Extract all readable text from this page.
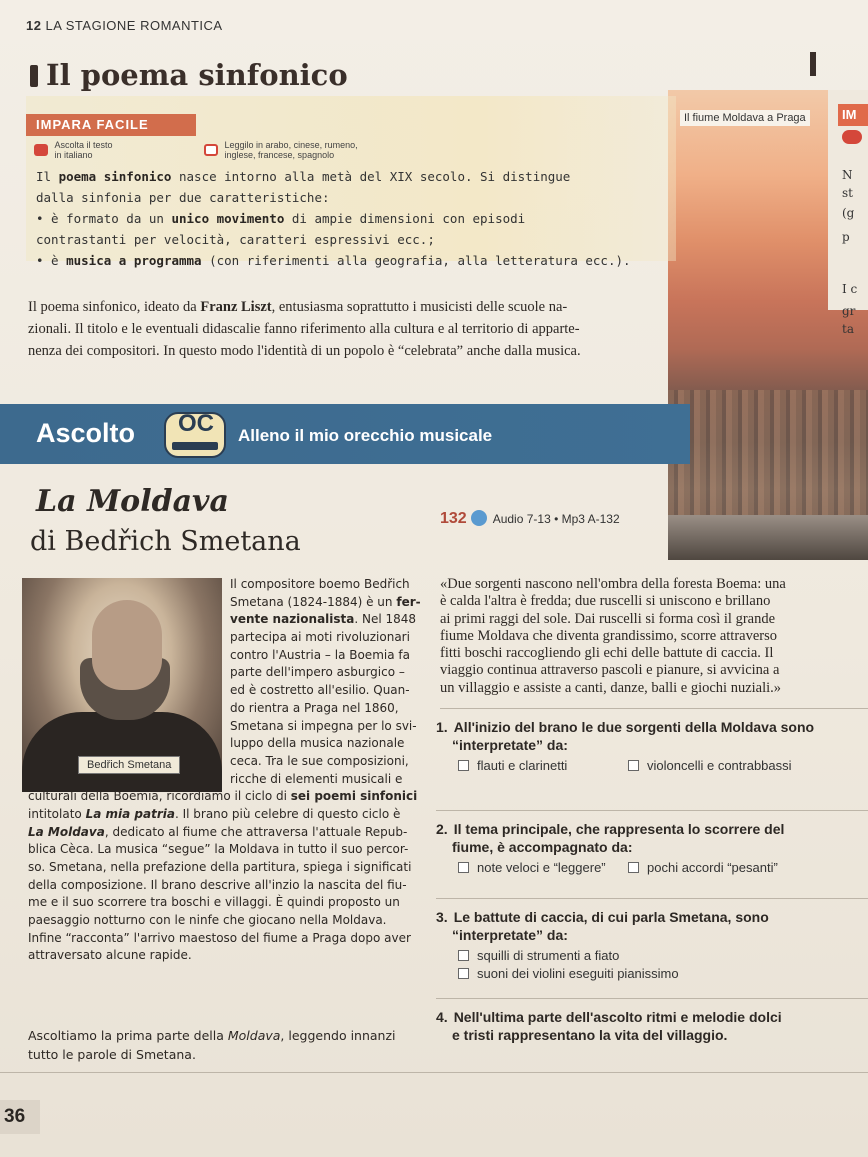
12 LA STAGIONE ROMANTICA
Il poema sinfonico
Il fiume Moldava a Praga	IM
IMPARA FACILE
Ascolta il testo
in italiano
Leggilo in arabo, cinese, rumeno,
inglese, francese, spagnolo
Il poema sinfonico nasce intorno alla metà del XIX secolo. Si distingue
dalla sinfonia per due caratteristiche:
• è formato da un unico movimento di ampie dimensioni con episodi
contrastanti per velocità, caratteri espressivi ecc.;
• è musica a programma (con riferimenti alla geografia, alla letteratura ecc.).
Il poema sinfonico, ideato da Franz Liszt, entusiasma soprattutto i musicisti delle scuole na-
zionali. Il titolo e le eventuali didascalie fanno riferimento alla cultura e al territorio di apparte-
nenza dei compositori. In questo modo l'identità di un popolo è “celebrata” anche dalla musica.
Ascolto OC Alleno il mio orecchio musicale
La Moldava
di Bedřich Smetana
132 Audio 7-13 • Mp3 A-132
Bedřich Smetana
Il compositore boemo Bedřich
Smetana (1824-1884) è un fer-
vente nazionalista. Nel 1848
partecipa ai moti rivoluzionari
contro l'Austria – la Boemia fa
parte dell'impero asburgico –
ed è costretto all'esilio. Quan-
do rientra a Praga nel 1860,
Smetana si impegna per lo svi-
luppo della musica nazionale
ceca. Tra le sue composizioni,
ricche di elementi musicali e
culturali della Boemia, ricordiamo il ciclo di sei poemi sinfonici
intitolato La mia patria. Il brano più celebre di questo ciclo è
La Moldava, dedicato al fiume che attraversa l'attuale Repub-
blica Cèca. La musica “segue” la Moldava in tutto il suo percor-
so. Smetana, nella prefazione della partitura, spiega i significati
della composizione. Il brano descrive all'inzio la nascita del fiu-
me e il suo scorrere tra boschi e villaggi. È quindi proposto un
paesaggio notturno con le ninfe che giocano nella Moldava.
Infine “racconta” l'arrivo maestoso del fiume a Praga dopo aver
attraversato alcune rapide.
«Due sorgenti nascono nell'ombra della foresta Boema: una
è calda l'altra è fredda; due ruscelli si uniscono e brillano
ai primi raggi del sole. Dai ruscelli si forma così il grande
fiume Moldava che diventa grandissimo, scorre attraverso
fitti boschi raccogliendo gli echi delle battute di caccia. Il
viaggio continua attraverso pascoli e pianure, si avvicina a
un villaggio e assiste a canti, danze, balli e giochi nuziali.»
1. All'inizio del brano le due sorgenti della Moldava sono
“interpretate” da:
flauti e clarinetti	violoncelli e contrabbassi
2. Il tema principale, che rappresenta lo scorrere del
fiume, è accompagnato da:
note veloci e “leggere”	pochi accordi “pesanti”
3. Le battute di caccia, di cui parla Smetana, sono
“interpretate” da:
squilli di strumenti a fiato
suoni dei violini eseguiti pianissimo
4. Nell'ultima parte dell'ascolto ritmi e melodie dolci
e tristi rappresentano la vita del villaggio.
Ascoltiamo la prima parte della Moldava, leggendo innanzi
tutto le parole di Smetana.
36
N
st
(g
p
I c
gr
ta
